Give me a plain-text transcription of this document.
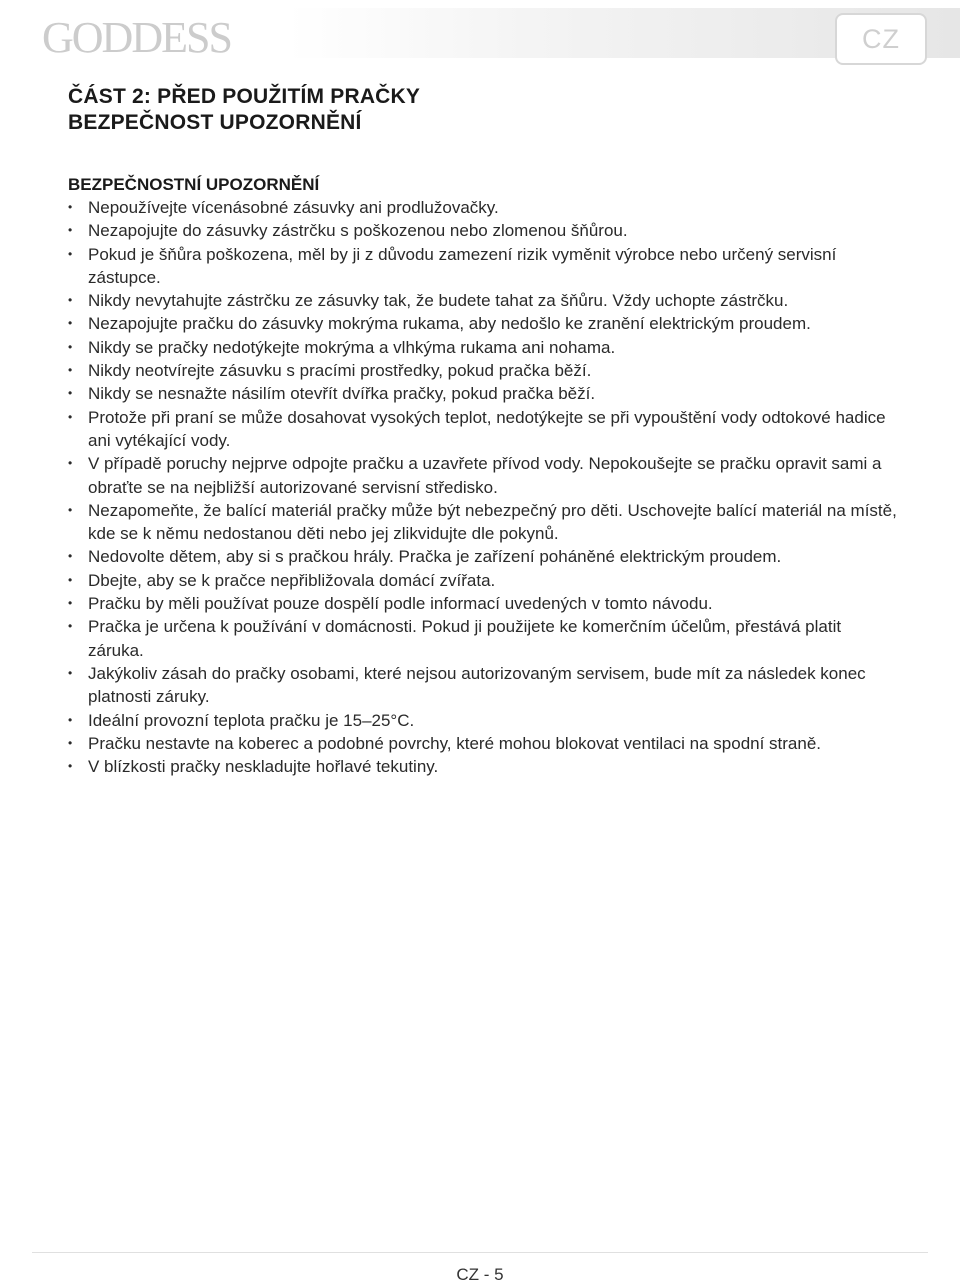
GODDESS	CZ
ČÁST 2: PŘED POUŽITÍM PRAČKY
BEZPEČNOST UPOZORNĚNÍ
BEZPEČNOSTNÍ UPOZORNĚNÍ
• Nepoužívejte vícenásobné zásuvky ani prodlužovačky.
• Nezapojujte do zásuvky zástrčku s poškozenou nebo zlomenou šňůrou.
• Pokud je šňůra poškozena, měl by ji z důvodu zamezení rizik vyměnit výrobce nebo určený servisní zástupce.
• Nikdy nevytahujte zástrčku ze zásuvky tak, že budete tahat za šňůru. Vždy uchopte zástrčku.
• Nezapojujte pračku do zásuvky mokrýma rukama, aby nedošlo ke zranění elektrickým proudem.
• Nikdy se pračky nedotýkejte mokrýma a vlhkýma rukama ani nohama.
• Nikdy neotvírejte zásuvku s pracími prostředky, pokud pračka běží.
• Nikdy se nesnažte násilím otevřít dvířka pračky, pokud pračka běží.
• Protože při praní se může dosahovat vysokých teplot, nedotýkejte se při vypouštění vody odtokové hadice ani vytékající vody.
• V případě poruchy nejprve odpojte pračku a uzavřete přívod vody. Nepokoušejte se pračku opravit sami a obraťte se na nejbližší autorizované servisní středisko.
• Nezapomeňte, že balící materiál pračky může být nebezpečný pro děti. Uschovejte balící materiál na místě, kde se k němu nedostanou děti nebo jej zlikvidujte dle pokynů.
• Nedovolte dětem, aby si s pračkou hrály. Pračka je zařízení poháněné elektrickým proudem.
• Dbejte, aby se k pračce nepřibližovala domácí zvířata.
• Pračku by měli používat pouze dospělí podle informací uvedených v tomto návodu.
• Pračka je určena k používání v domácnosti. Pokud ji použijete ke komerčním účelům, přestává platit záruka.
• Jakýkoliv zásah do pračky osobami, které nejsou autorizovaným servisem, bude mít za následek konec platnosti záruky.
• Ideální provozní teplota pračku je 15–25°C.
• Pračku nestavte na koberec a podobné povrchy, které mohou blokovat ventilaci na spodní straně.
• V blízkosti pračky neskladujte hořlavé tekutiny.
CZ - 5
